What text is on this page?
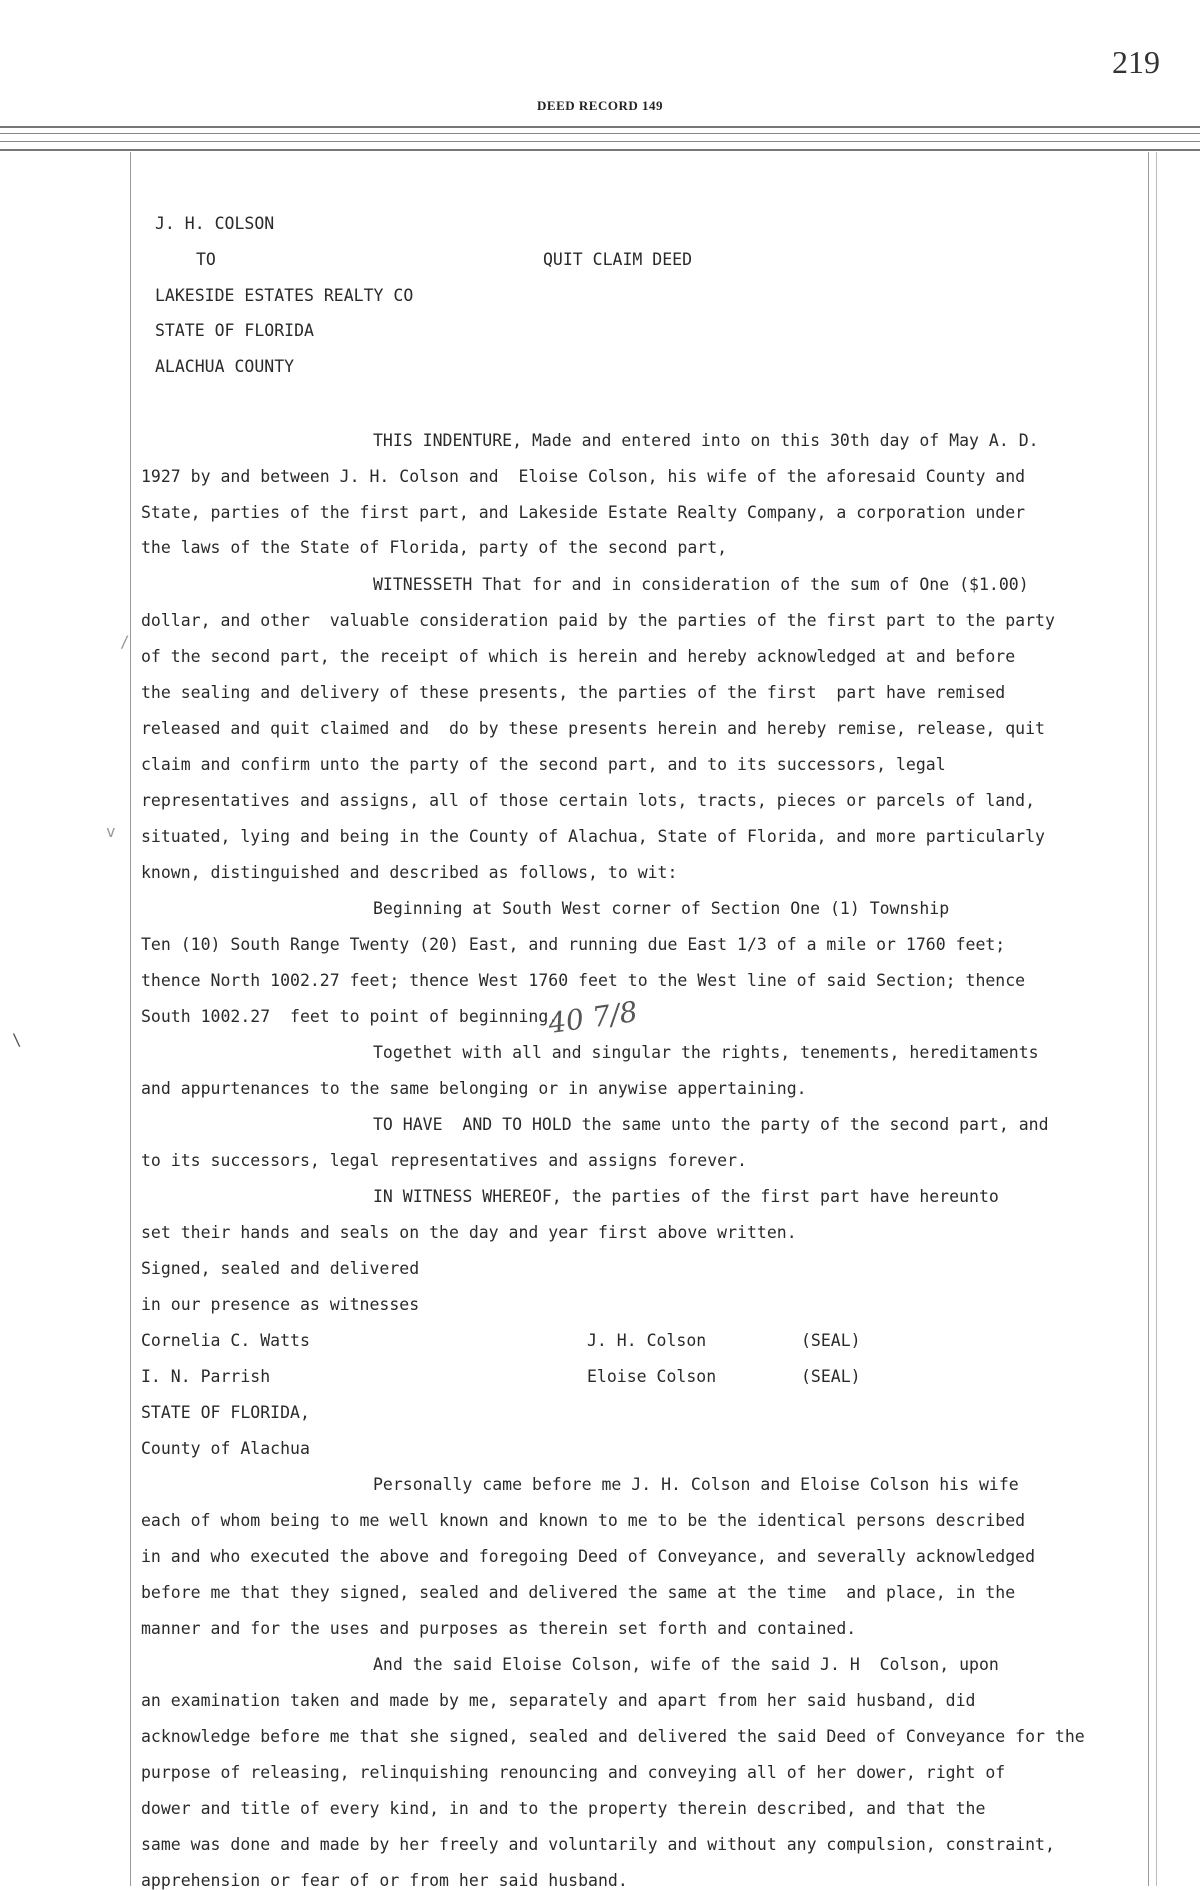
219
DEED RECORD 149
/
v
\
J. H. COLSON
TO	QUIT CLAIM DEED
LAKESIDE ESTATES REALTY CO
STATE OF FLORIDA
ALACHUA COUNTY
THIS INDENTURE, Made and entered into on this 30th day of May A. D.
1927 by and between J. H. Colson and  Eloise Colson, his wife of the aforesaid County and
State, parties of the first part, and Lakeside Estate Realty Company, a corporation under
the laws of the State of Florida, party of the second part,
WITNESSETH That for and in consideration of the sum of One ($1.00)
dollar, and other  valuable consideration paid by the parties of the first part to the party
of the second part, the receipt of which is herein and hereby acknowledged at and before
the sealing and delivery of these presents, the parties of the first  part have remised
released and quit claimed and  do by these presents herein and hereby remise, release, quit
claim and confirm unto the party of the second part, and to its successors, legal
representatives and assigns, all of those certain lots, tracts, pieces or parcels of land,
situated, lying and being in the County of Alachua, State of Florida, and more particularly
known, distinguished and described as follows, to wit:
Beginning at South West corner of Section One (1) Township
Ten (10) South Range Twenty (20) East, and running due East 1/3 of a mile or 1760 feet;
thence North 1002.27 feet; thence West 1760 feet to the West line of said Section; thence
South 1002.27  feet to point of beginning.
Togethet with all and singular the rights, tenements, hereditaments
and appurtenances to the same belonging or in anywise appertaining.
TO HAVE  AND TO HOLD the same unto the party of the second part, and
to its successors, legal representatives and assigns forever.
IN WITNESS WHEREOF, the parties of the first part have hereunto
set their hands and seals on the day and year first above written.
Signed, sealed and delivered
in our presence as witnesses
Cornelia C. Watts	J. H. Colson	(SEAL)
I. N. Parrish	Eloise Colson	(SEAL)
STATE OF FLORIDA,
County of Alachua
Personally came before me J. H. Colson and Eloise Colson his wife
each of whom being to me well known and known to me to be the identical persons described
in and who executed the above and foregoing Deed of Conveyance, and severally acknowledged
before me that they signed, sealed and delivered the same at the time  and place, in the
manner and for the uses and purposes as therein set forth and contained.
And the said Eloise Colson, wife of the said J. H  Colson, upon
an examination taken and made by me, separately and apart from her said husband, did
acknowledge before me that she signed, sealed and delivered the said Deed of Conveyance for the
purpose of releasing, relinquishing renouncing and conveying all of her dower, right of
dower and title of every kind, in and to the property therein described, and that the
same was done and made by her freely and voluntarily and without any compulsion, constraint,
apprehension or fear of or from her said husband.
40 7/8
